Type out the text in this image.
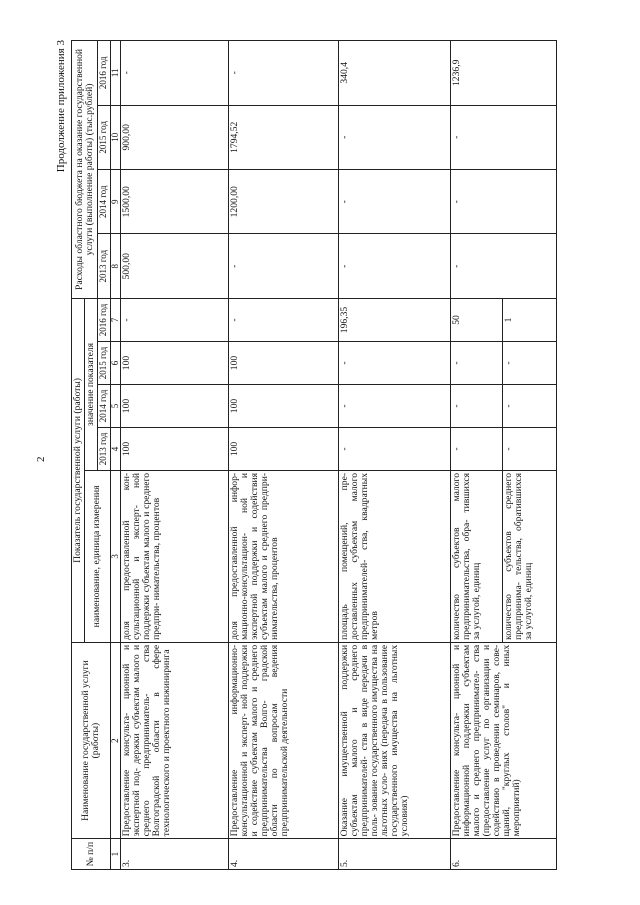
2
Продолжение приложения 3
№ п/п	Наименование государственной услуги (работы)	Показатель государственной услуги (работы)					Расходы областного бюджета на оказание государственной услуги (выполнение работы) (тыс.рублей)			
		наименование, единица измерения	значение показателя							
			2013 год	2014 год	2015 год	2016 год	2013 год	2014 год	2015 год	2016 год
1	2	3	4	5	6	7	8	9	10	11
3.	Предоставление консульта- ционной и экспертной под- держки субъектам малого и среднего предприниматель- ства Волгоградской области в сфере технологического и проектного инжиниринга	доля предоставленной кон- сультационной и эксперт- ной поддержки субъектам малого и среднего предпри- нимательства, процентов	100	100	100	-	500,00	1500,00	900,00	-
4.	Предоставление информационно- консультационной и эксперт- ной поддержки и содействие субъектам малого и среднего предпринимательства Волго- градской области по вопросам ведения предпринимательской деятельности	доля предоставленной инфор- мационно-консультацион- ной и экспертной поддержки и содействия субъектам малого и среднего предпри- нимательства, процентов	100	100	100	-	-	1200,00	1794,52	-
5.	Оказание имущественной поддержки субъектам малого и среднего предпринимателей- ства в виде передачи в поль- зование государственного имущества на льготных усло- виях (передача в пользование государственного имущества на льготных условиях)	площадь помещений, пре- доставленных субъектам малого предпринимателей- ства, квадратных метров	-	-	-	196,35	-	-	-	340,4
6.	Предоставление консульта- ционной и информационной поддержки субъектам малого и среднего предпринимател- ства (предоставление услуг по организации и содействию в проведении семинаров, сове- щаний, "круглых столов" и иных мероприятий)	количество субъектов малого предпринимательства, обра- тившихся за услугой, единиц	-	-	-	50	-	-	-	1236,9
		количество субъектов среднего предпринима- тельства, обратившихся за услугой, единиц	-	-	-	1				
